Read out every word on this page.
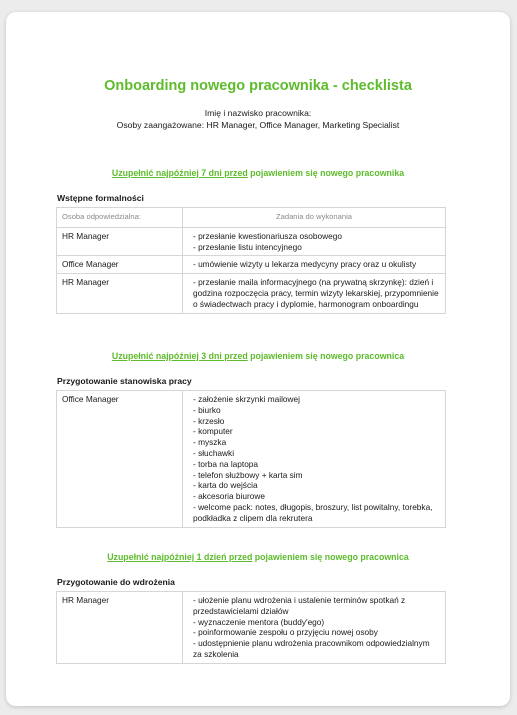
Onboarding nowego pracownika - checklista
Imię i nazwisko pracownika:
Osoby zaangażowane: HR Manager, Office Manager, Marketing Specialist
Uzupełnić najpóźniej 7 dni przed pojawieniem się nowego pracownika
Wstępne formalności
Osoba odpowiedzialna:	Zadania do wykonania
HR Manager	- przesłanie kwestionariusza osobowego
- przesłanie listu intencyjnego

Office Manager	- umówienie wizyty u lekarza medycyny pracy oraz u okulisty

HR Manager	- przesłanie maila informacyjnego (na prywatną skrzynkę): dzień i godzina rozpoczęcia pracy, termin wizyty lekarskiej, przypomnienie o świadectwach pracy i dyplomie, harmonogram onboardingu
Uzupełnić najpóźniej 3 dni przed pojawieniem się nowego pracownica
Przygotowanie stanowiska pracy
Office Manager	- założenie skrzynki mailowej
- biurko
- krzesło
- komputer
- myszka
- słuchawki
- torba na laptopa
- telefon służbowy + karta sim
- karta do wejścia
- akcesoria biurowe
- welcome pack: notes, długopis, broszury, list powitalny, torebka, podkładka z clipem dla rekrutera
Uzupełnić najpóźniej 1 dzień przed pojawieniem się nowego pracownica
Przygotowanie do wdrożenia
HR Manager	- ułożenie planu wdrożenia i ustalenie terminów spotkań z przedstawicielami działów
- wyznaczenie mentora (buddy'ego)
- poinformowanie zespołu o przyjęciu nowej osoby
- udostępnienie planu wdrożenia pracownikom odpowiedzialnym za szkolenia
